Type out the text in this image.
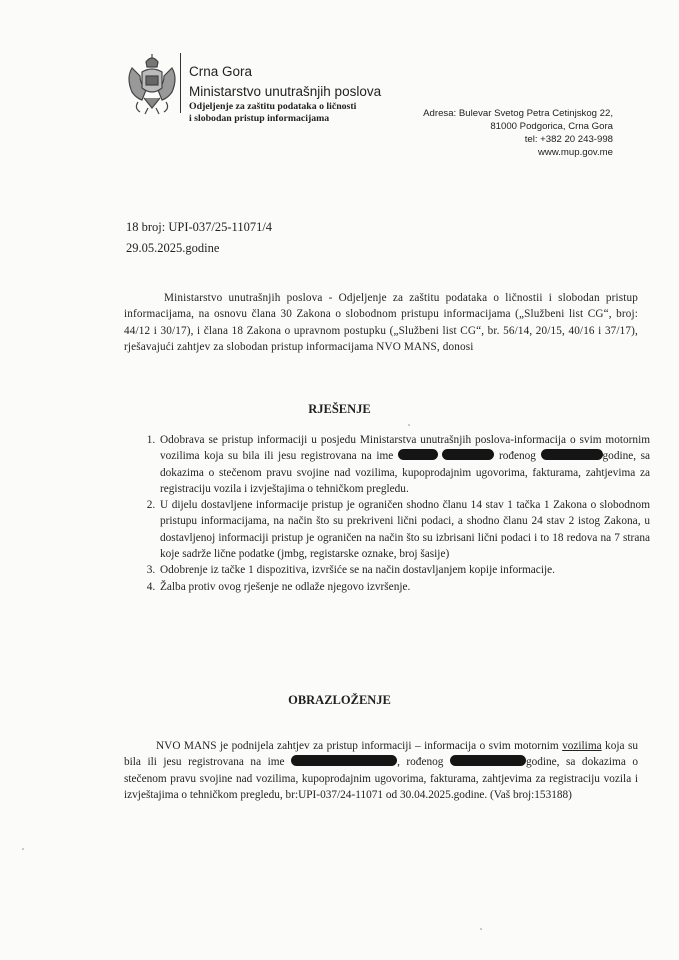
Crna Gora
Ministarstvo unutrašnjih poslova
Odjeljenje za zaštitu podataka o ličnosti
i slobodan pristup informacijama	Adresa: Bulevar Svetog Petra Cetinjskog 22,
81000 Podgorica, Crna Gora
tel: +382 20 243-998
www.mup.gov.me
18 broj: UPI-037/25-11071/4
29.05.2025.godine
Ministarstvo unutrašnjih poslova - Odjeljenje za zaštitu podataka o ličnostii i slobodan pristup informacijama, na osnovu člana 30 Zakona o slobodnom pristupu informacijama („Službeni list CG“, broj: 44/12 i 30/17), i člana 18 Zakona o upravnom postupku („Službeni list CG“, br. 56/14, 20/15, 40/16 i 37/17), rješavajući zahtjev za slobodan pristup informacijama NVO MANS, donosi
RJEŠENJE
1. Odobrava se pristup informaciji u posjedu Ministarstva unutrašnjih poslova-informacija o svim motornim vozilima koja su bila ili jesu registrovana na ime	rođenog	godine, sa dokazima o stečenom pravu svojine nad vozilima, kupoprodajnim ugovorima, fakturama, zahtjevima za registraciju vozila i izvještajima o tehničkom pregledu.
2. U dijelu dostavljene informacije pristup je ograničen shodno članu 14 stav 1 tačka 1 Zakona o slobodnom pristupu informacijama, na način što su prekriveni lični podaci, a shodno članu 24 stav 2 istog Zakona, u dostavljenoj informaciji pristup je ograničen na način što su izbrisani lični podaci i to 18 redova na 7 strana koje sadrže lične podatke (jmbg, registarske oznake, broj šasije)
3. Odobrenje iz tačke 1 dispozitiva, izvršiće se na način dostavljanjem kopije informacije.
4. Žalba protiv ovog rješenje ne odlaže njegovo izvršenje.
OBRAZLOŽENJE
NVO MANS je podnijela zahtjev za pristup informaciji – informacija o svim motornim vozilima koja su bila ili jesu registrovana na ime	, rođenog	godine, sa dokazima o stečenom pravu svojine nad vozilima, kupoprodajnim ugovorima, fakturama, zahtjevima za registraciju vozila i izvještajima o tehničkom pregledu, br:UPI-037/24-11071 od 30.04.2025.godine. (Vaš broj:153188)
